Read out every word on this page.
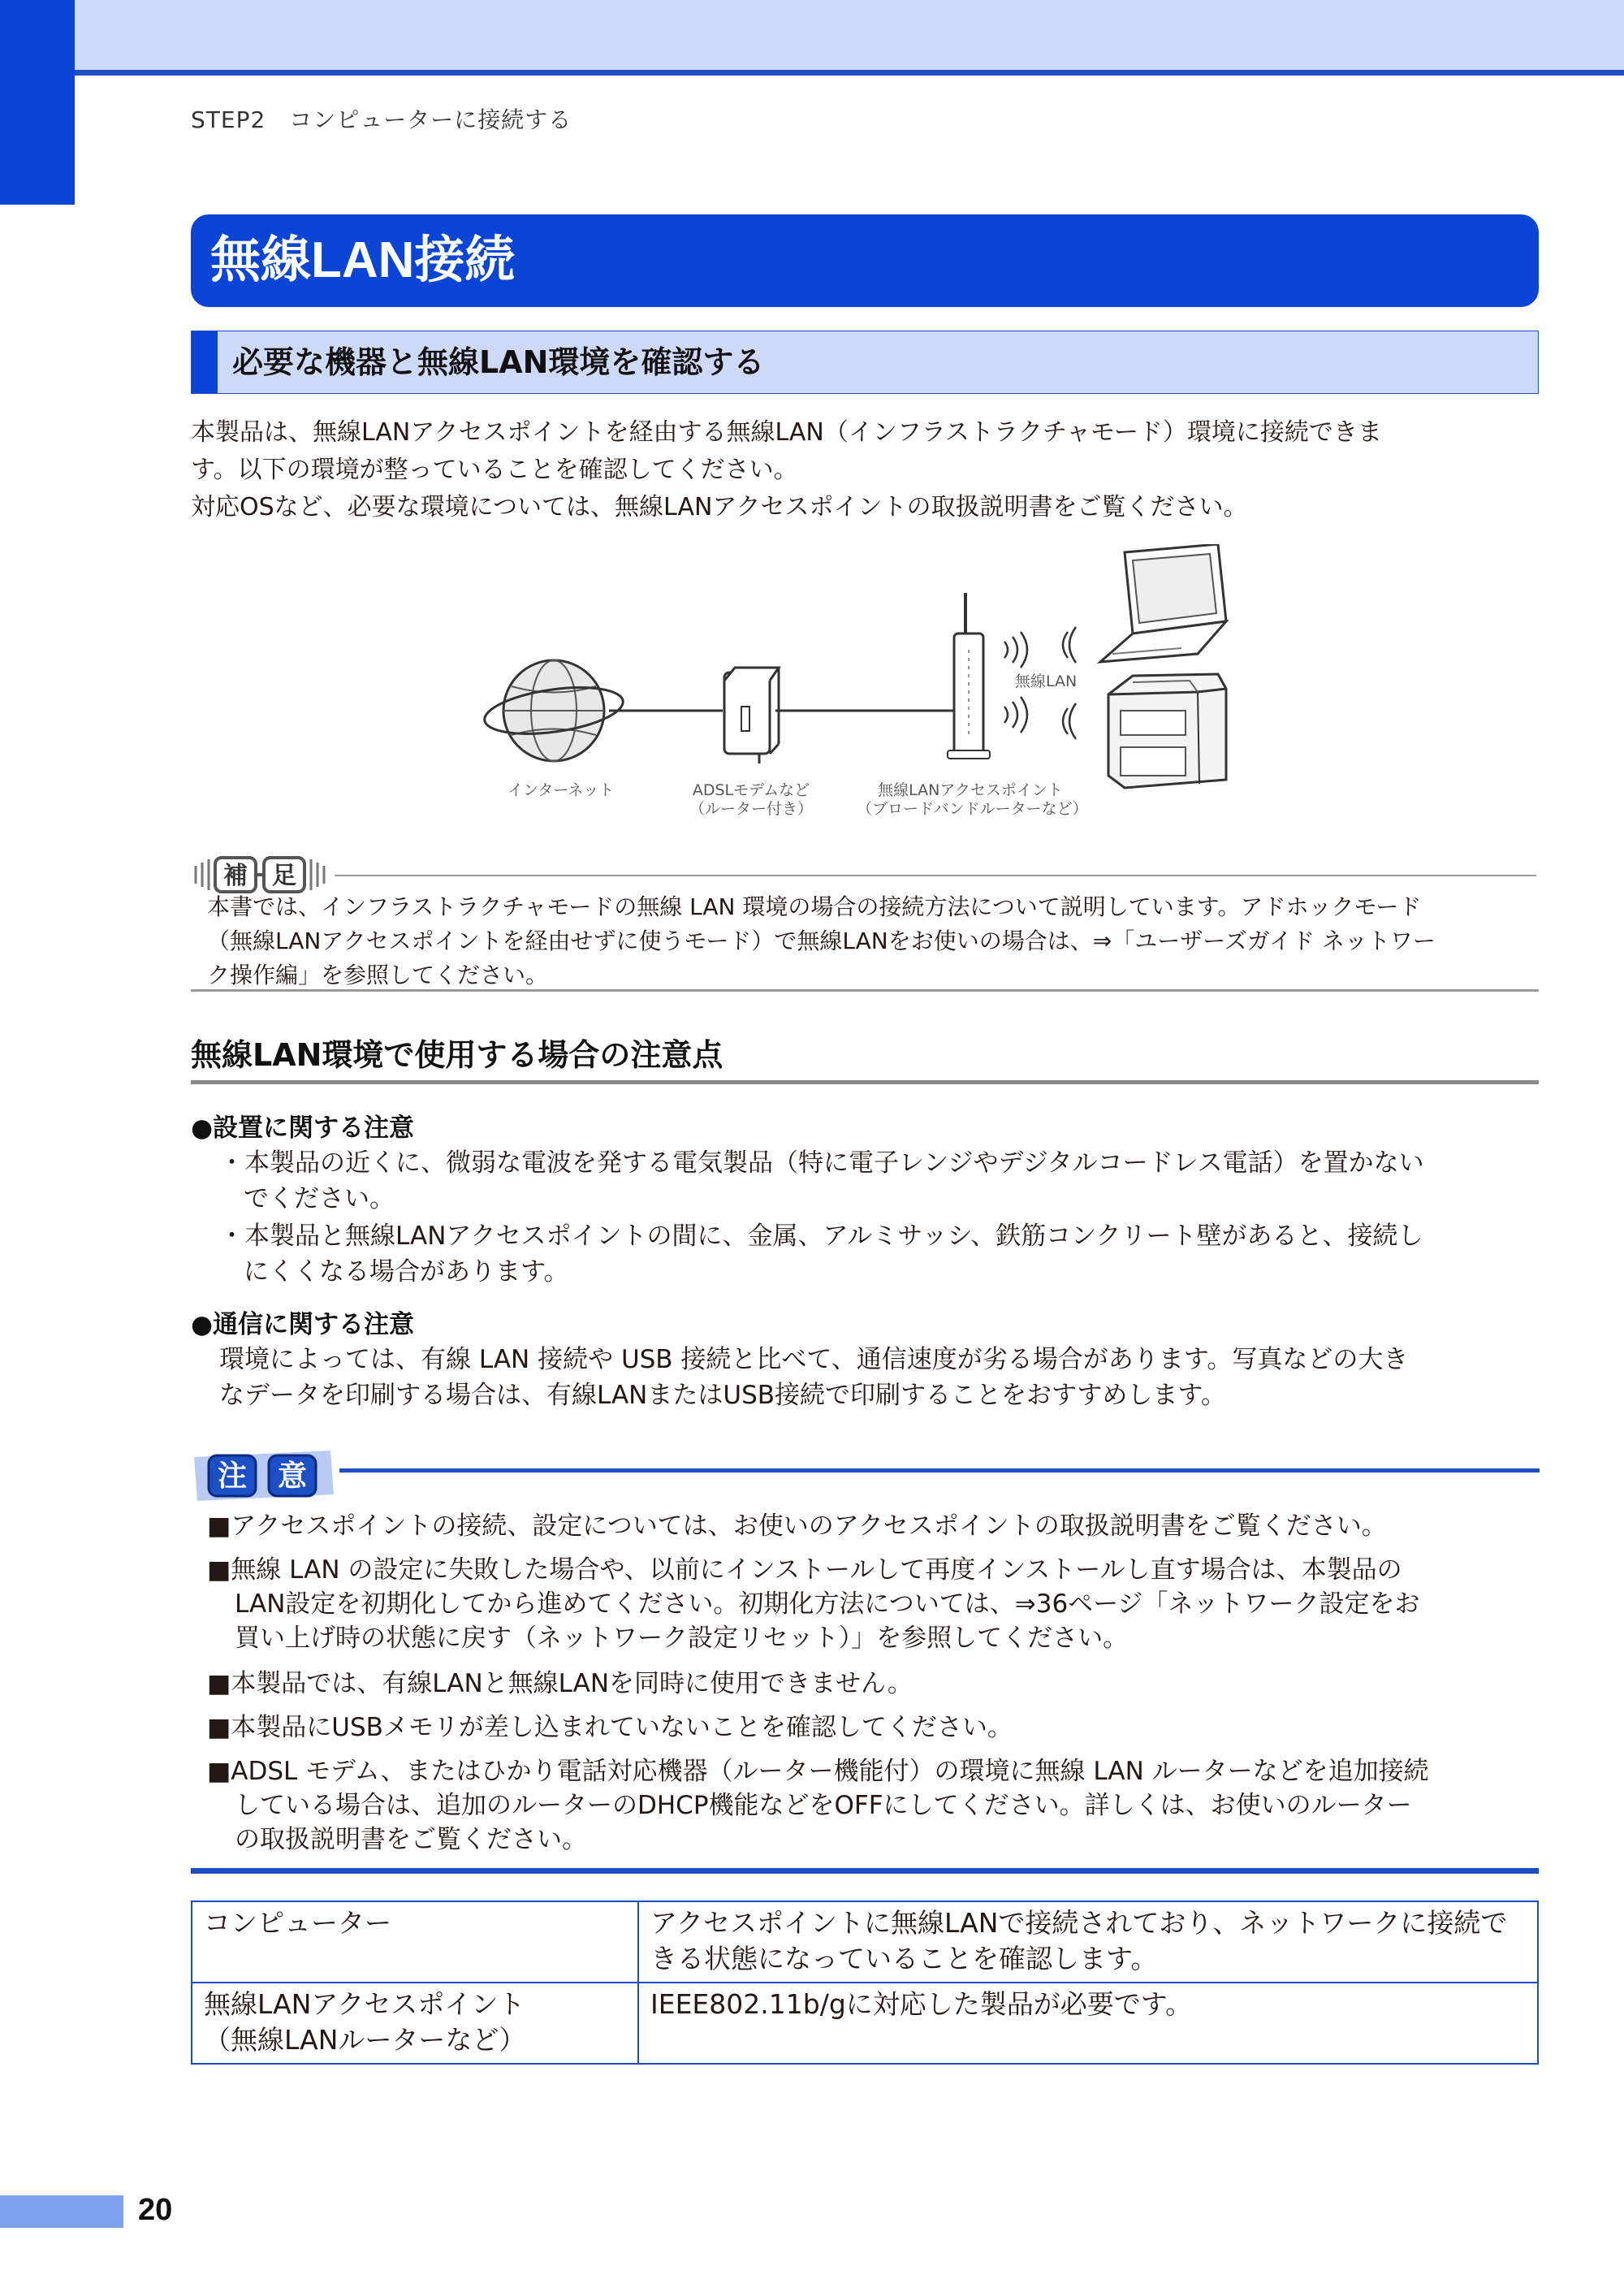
STEP2　コンピューターに接続する
無線LAN接続
必要な機器と無線LAN環境を確認する
本製品は、無線LANアクセスポイントを経由する無線LAN（インフラストラクチャモード）環境に接続できま
す。以下の環境が整っていることを確認してください。
対応OSなど、必要な環境については、無線LANアクセスポイントの取扱説明書をご覧ください。
無線LAN
インターネット	ADSLモデムなど
（ルーター付き）
無線LANアクセスポイント
（ブロードバンドルーターなど）
補 足
本書では、インフラストラクチャモードの無線 LAN 環境の場合の接続方法について説明しています。アドホックモード
（無線LANアクセスポイントを経由せずに使うモード）で無線LANをお使いの場合は、⇒「ユーザーズガイド ネットワー
ク操作編」を参照してください。
無線LAN環境で使用する場合の注意点
●設置に関する注意
・本製品の近くに、微弱な電波を発する電気製品（特に電子レンジやデジタルコードレス電話）を置かない
でください。
・本製品と無線LANアクセスポイントの間に、金属、アルミサッシ、鉄筋コンクリート壁があると、接続し
にくくなる場合があります。
●通信に関する注意
環境によっては、有線 LAN 接続や USB 接続と比べて、通信速度が劣る場合があります。写真などの大き
なデータを印刷する場合は、有線LANまたはUSB接続で印刷することをおすすめします。
注 意
■アクセスポイントの接続、設定については、お使いのアクセスポイントの取扱説明書をご覧ください。
■無線 LAN の設定に失敗した場合や、以前にインストールして再度インストールし直す場合は、本製品の
LAN設定を初期化してから進めてください。初期化方法については、⇒36ページ「ネットワーク設定をお
買い上げ時の状態に戻す（ネットワーク設定リセット）」を参照してください。
■本製品では、有線LANと無線LANを同時に使用できません。
■本製品にUSBメモリが差し込まれていないことを確認してください。
■ADSL モデム、またはひかり電話対応機器（ルーター機能付）の環境に無線 LAN ルーターなどを追加接続
している場合は、追加のルーターのDHCP機能などをOFFにしてください。詳しくは、お使いのルーター
の取扱説明書をご覧ください。
コンピューター	アクセスポイントに無線LANで接続されており、ネットワークに接続で
きる状態になっていることを確認します。

無線LANアクセスポイント
（無線LANルーターなど）	IEEE802.11b/gに対応した製品が必要です。
20
